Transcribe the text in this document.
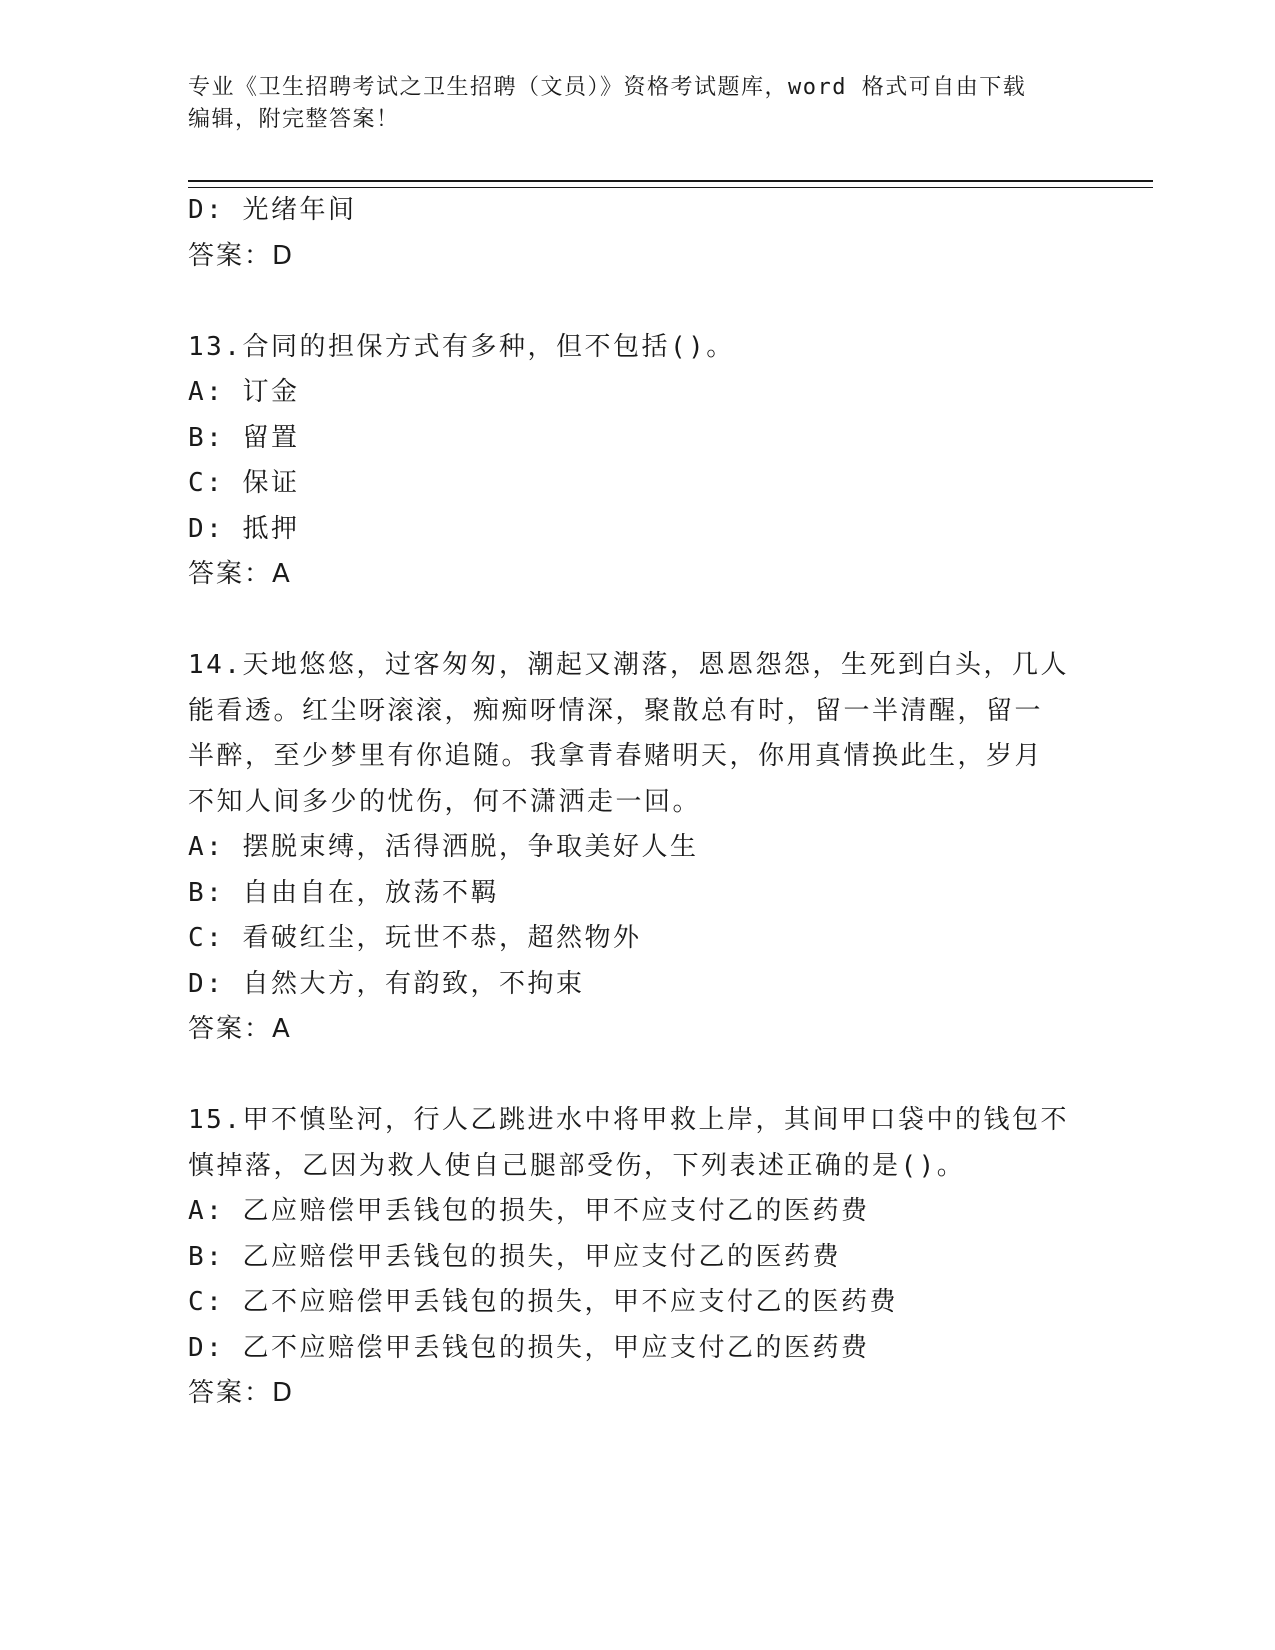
专业《卫生招聘考试之卫生招聘（文员）》资格考试题库，word 格式可自由下载
编辑，附完整答案！
D: 光绪年间
答案：D
13.合同的担保方式有多种，但不包括()。
A: 订金
B: 留置
C: 保证
D: 抵押
答案：A
14.天地悠悠，过客匆匆，潮起又潮落，恩恩怨怨，生死到白头，几人
能看透。红尘呀滚滚，痴痴呀情深，聚散总有时，留一半清醒，留一
半醉，至少梦里有你追随。我拿青春赌明天，你用真情换此生，岁月
不知人间多少的忧伤，何不潇洒走一回。
A: 摆脱束缚，活得洒脱，争取美好人生
B: 自由自在，放荡不羁
C: 看破红尘，玩世不恭，超然物外
D: 自然大方，有韵致，不拘束
答案：A
15.甲不慎坠河，行人乙跳进水中将甲救上岸，其间甲口袋中的钱包不
慎掉落，乙因为救人使自己腿部受伤，下列表述正确的是()。
A: 乙应赔偿甲丢钱包的损失，甲不应支付乙的医药费
B: 乙应赔偿甲丢钱包的损失，甲应支付乙的医药费
C: 乙不应赔偿甲丢钱包的损失，甲不应支付乙的医药费
D: 乙不应赔偿甲丢钱包的损失，甲应支付乙的医药费
答案：D
